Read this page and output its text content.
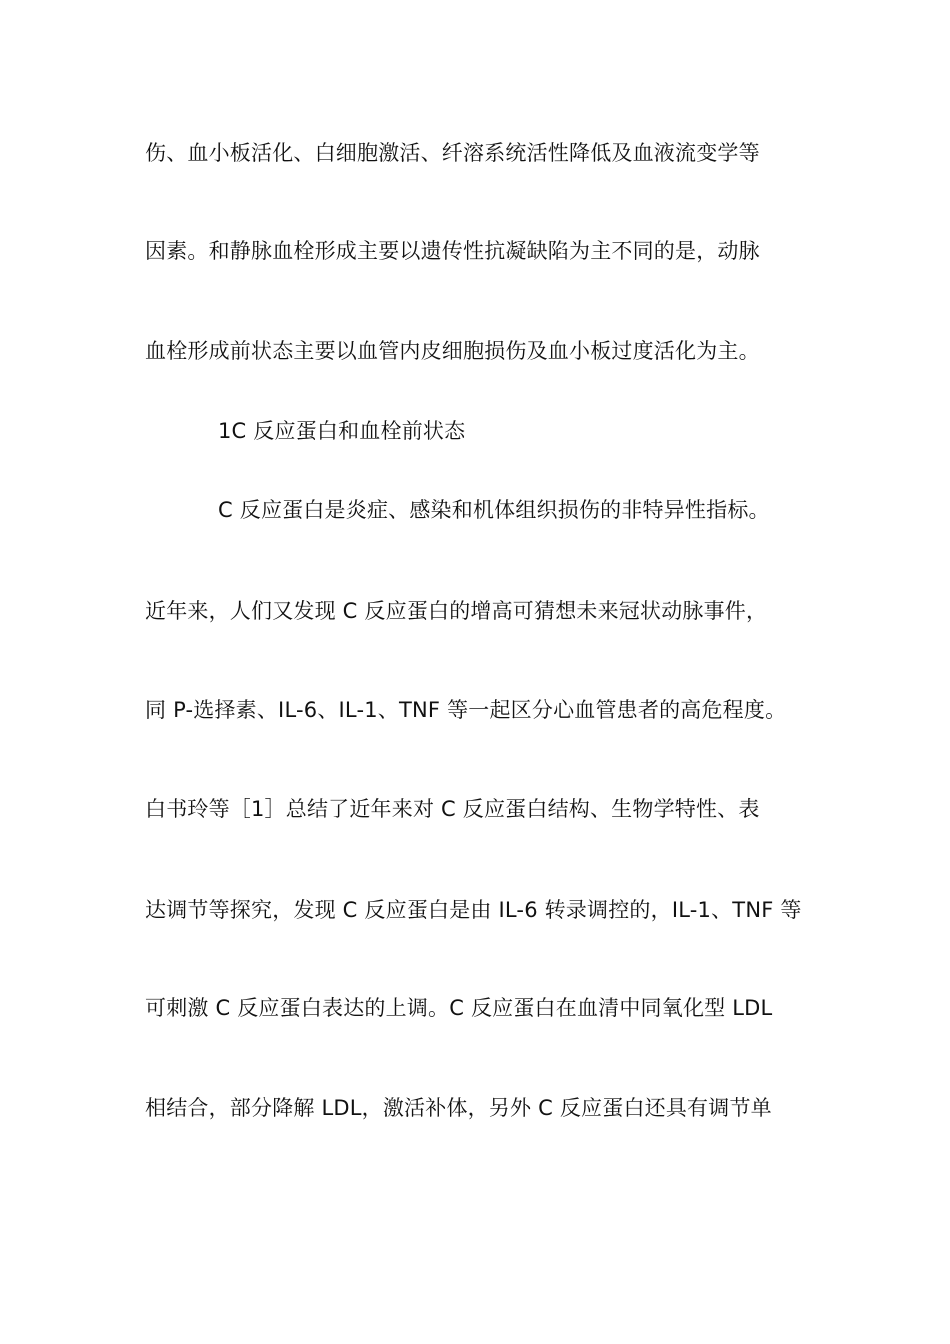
伤、血小板活化、白细胞激活、纤溶系统活性降低及血液流变学等
因素。和静脉血栓形成主要以遗传性抗凝缺陷为主不同的是，动脉
血栓形成前状态主要以血管内皮细胞损伤及血小板过度活化为主。
1C 反应蛋白和血栓前状态
C 反应蛋白是炎症、感染和机体组织损伤的非特异性指标。
近年来，人们又发现 C 反应蛋白的增高可猜想未来冠状动脉事件，
同 P-选择素、IL-6、IL-1、TNF 等一起区分心血管患者的高危程度。
白书玲等［1］总结了近年来对 C 反应蛋白结构、生物学特性、表
达调节等探究，发现 C 反应蛋白是由 IL-6 转录调控的，IL-1、TNF 等
可刺激 C 反应蛋白表达的上调。C 反应蛋白在血清中同氧化型 LDL
相结合，部分降解 LDL，激活补体，另外 C 反应蛋白还具有调节单
